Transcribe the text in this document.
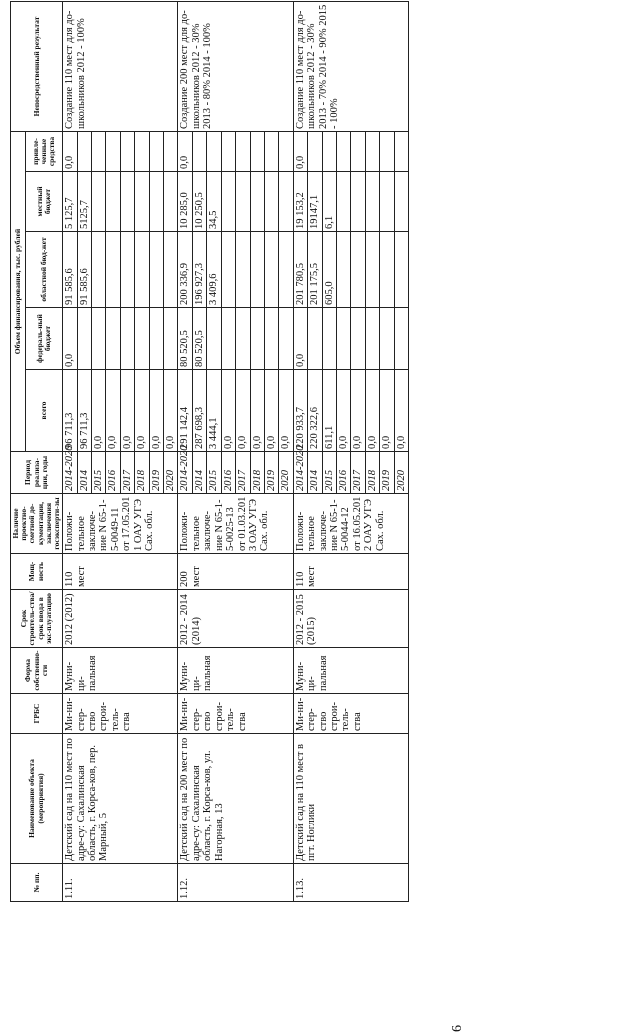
6
№ пп.	Наименование объекта (мероприятия)	ГРБС	Форма собственно-сти	Срок строитель-ства/срок ввода в экс-плуатацию	Мощ-ность	Наличие проектно-сметной до-кументации, заключения госэксперти-зы	Период реализа-ции, годы	Объем финансирования, тыс. рублей					Непосредственный результат
								всего	федераль-ный бюджет	областной бюд-жет	местный бюджет	привле-ченные средства	
1.11.	Детский сад на 110 мест по адре-су: Сахалинская область, г. Корса-ков, пер. Марный, 5	Ми-ни-стер-ство строи-тель-ства	Муни-ци-пальная	2012 (2012)	110 мест	Положи-тельное заключе-ние N 65-1-5-0049-11 от 17.05.201 1 ОАУ УГЭ Сах. обл.	2014-2020	96 711,3	0,0	91 585,6	5 125,7	0,0	Создание 110 мест для до-школьников 2012 - 100%
							2014	96 711,3		91 585,6	5125,7		
							2015	0,0					
							2016	0,0					
							2017	0,0					
							2018	0,0					
							2019	0,0					
							2020	0,0					
1.12.	Детский сад на 200 мест по адре-су: Сахалинская область, г. Корса-ков, ул. Нагорная, 13	Ми-ни-стер-ство строи-тель-ства	Муни-ци-пальная	2012 - 2014 (2014)	200 мест	Положи-тельное заключе-ние N 65-1-5-0025-13 от 01.03.201 3 ОАУ УГЭ Сах. обл.	2014-2020	291 142,4	80 520,5	200 336,9	10 285,0	0,0	Создание 200 мест для до-школьников 2012 - 30% 2013 - 80% 2014 - 100%
							2014	287 698,3	80 520,5	196 927,3	10 250,5		
							2015	3 444,1		3 409,6	34,5		
							2016	0,0					
							2017	0,0					
							2018	0,0					
							2019	0,0					
							2020	0,0					
1.13.	Детский сад на 110 мест в пгт. Ноглики	Ми-ни-стер-ство строи-тель-ства	Муни-ци-пальная	2012 - 2015 (2015)	110 мест	Положи-тельное заключе-ние N 65-1-5-0044-12 от 16.05.201 2 ОАУ УГЭ Сах. обл.	2014-2020	220 933,7	0,0	201 780,5	19 153,2	0,0	Создание 110 мест для до-школьников 2012 - 30% 2013 - 70% 2014 - 90% 2015 - 100%
							2014	220 322,6		201 175,5	19147,1		
							2015	611,1		605,0	6,1		
							2016	0,0					
							2017	0,0					
							2018	0,0					
							2019	0,0					
							2020	0,0					
